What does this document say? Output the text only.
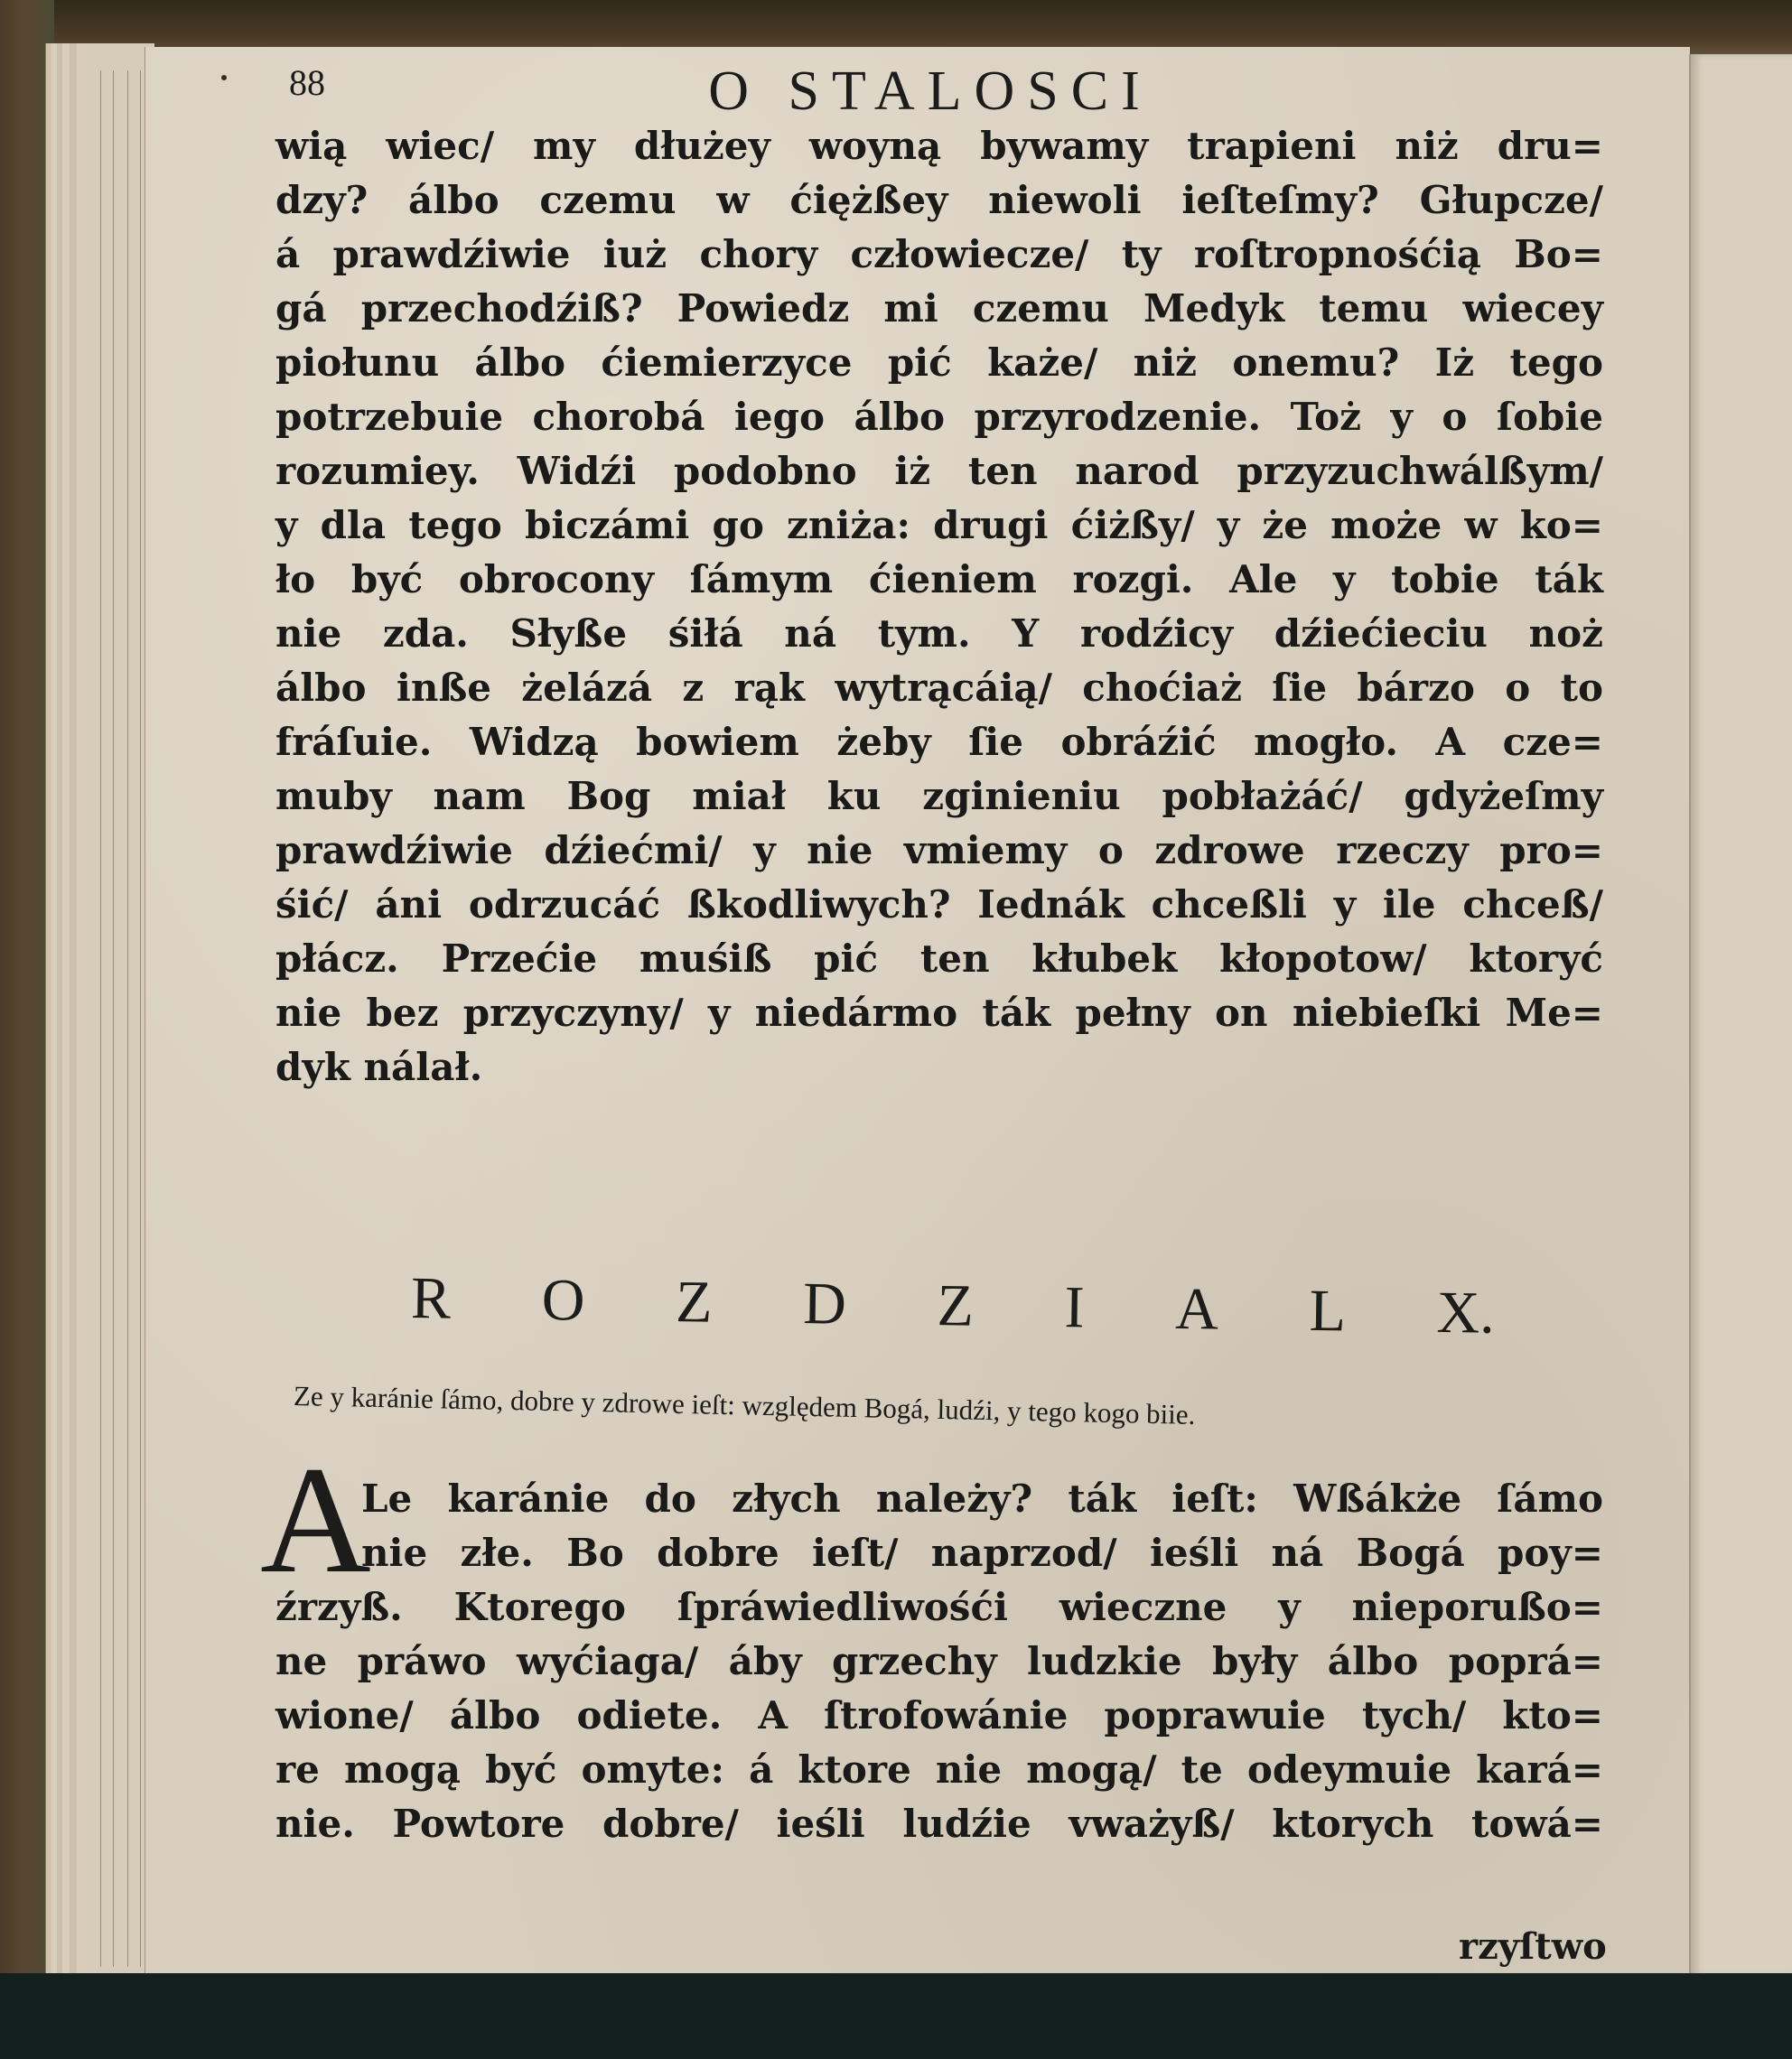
88	O STALOSCI
wią wiec/ my dłużey woyną bywamy trapieni niż dru=
dzy? álbo czemu w ćiężßey niewoli ieſteſmy? Głupcze/
á prawdźiwie iuż chory człowiecze/ ty roſtropnośćią Bo=
gá przechodźiß? Powiedz mi czemu Medyk temu wiecey
piołunu álbo ćiemierzyce pić każe/ niż onemu? Iż tego
potrzebuie chorobá iego álbo przyrodzenie. Toż y o ſobie
rozumiey. Widźi podobno iż ten narod przyzuchwálßym/
y dla tego biczámi go zniża: drugi ćiżßy/ y że może w ko=
ło być obrocony ſámym ćieniem rozgi. Ale y tobie ták
nie zda. Słyße śiłá ná tym. Y rodźicy dźiećieciu noż
álbo inße żelázá z rąk wytrącáią/ choćiaż ſie bárzo o to
fráſuie. Widzą bowiem żeby ſie obráźić mogło. A cze=
muby nam Bog miał ku zginieniu pobłażáć/ gdyżeſmy
prawdźiwie dźiećmi/ y nie vmiemy o zdrowe rzeczy pro=
śić/ áni odrzucáć ßkodliwych? Iednák chceßli y ile chceß/
płácz. Przećie muśiß pić ten kłubek kłopotow/ ktoryć
nie bez przyczyny/ y niedármo ták pełny on niebieſki Me=
dyk nálał.
R O Z D Z I A L X.
Ze y karánie ſámo, dobre y zdrowe ieſt: względem Bogá, ludźi, y tego kogo biie.
A
Le karánie do złych należy? ták ieſt: Wßákże ſámo
nie złe. Bo dobre ieſt/ naprzod/ ieśli ná Bogá poy=
źrzyß. Ktorego ſpráwiedliwośći wieczne y nieporußo=
ne práwo wyćiaga/ áby grzechy ludzkie były álbo poprá=
wione/ álbo odiete. A ſtrofowánie poprawuie tych/ kto=
re mogą być omyte: á ktore nie mogą/ te odeymuie kará=
nie. Powtore dobre/ ieśli ludźie vważyß/ ktorych towá=
rzyſtwo
